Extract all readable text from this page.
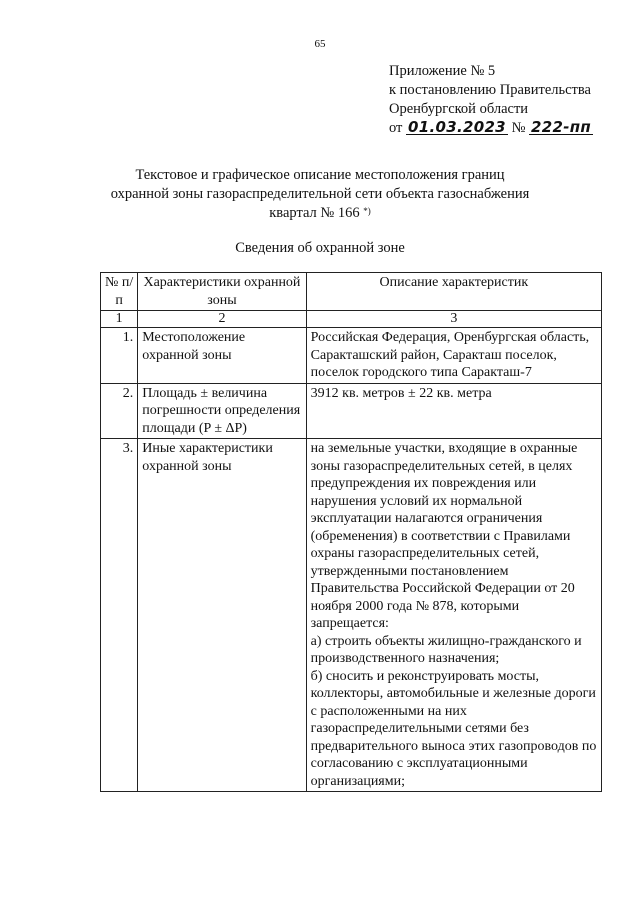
65
Приложение № 5
к постановлению Правительства
Оренбургской области
от 01.03.2023 № 222-пп
Текстовое и графическое описание местоположения границ
охранной зоны газораспределительной сети объекта газоснабжения
квартал № 166 *)
Сведения об охранной зоне
№ п/п	Характеристики охранной зоны	Описание характеристик
1	2	3
1.	Местоположение охранной зоны	Российская Федерация, Оренбургская область, Саракташский район, Саракташ поселок, поселок городского типа Саракташ-7
2.	Площадь ± величина погрешности определения площади (P ± ΔP)	3912 кв. метров ± 22 кв. метра
3.	Иные характеристики охранной зоны	на земельные участки, входящие в охранные зоны газораспределительных сетей, в целях предупреждения их повреждения или нарушения условий их нормальной эксплуатации налагаются ограничения (обременения) в соответствии с Правилами охраны газораспределительных сетей, утвержденными постановлением Правительства Российской Федерации от 20 ноября 2000 года № 878, которыми запрещается:
а) строить объекты жилищно-гражданского и производственного назначения;
б) сносить и реконструировать мосты, коллекторы, автомобильные и железные дороги с расположенными на них газораспределительными сетями без предварительного выноса этих газопроводов по согласованию с эксплуатационными организациями;
